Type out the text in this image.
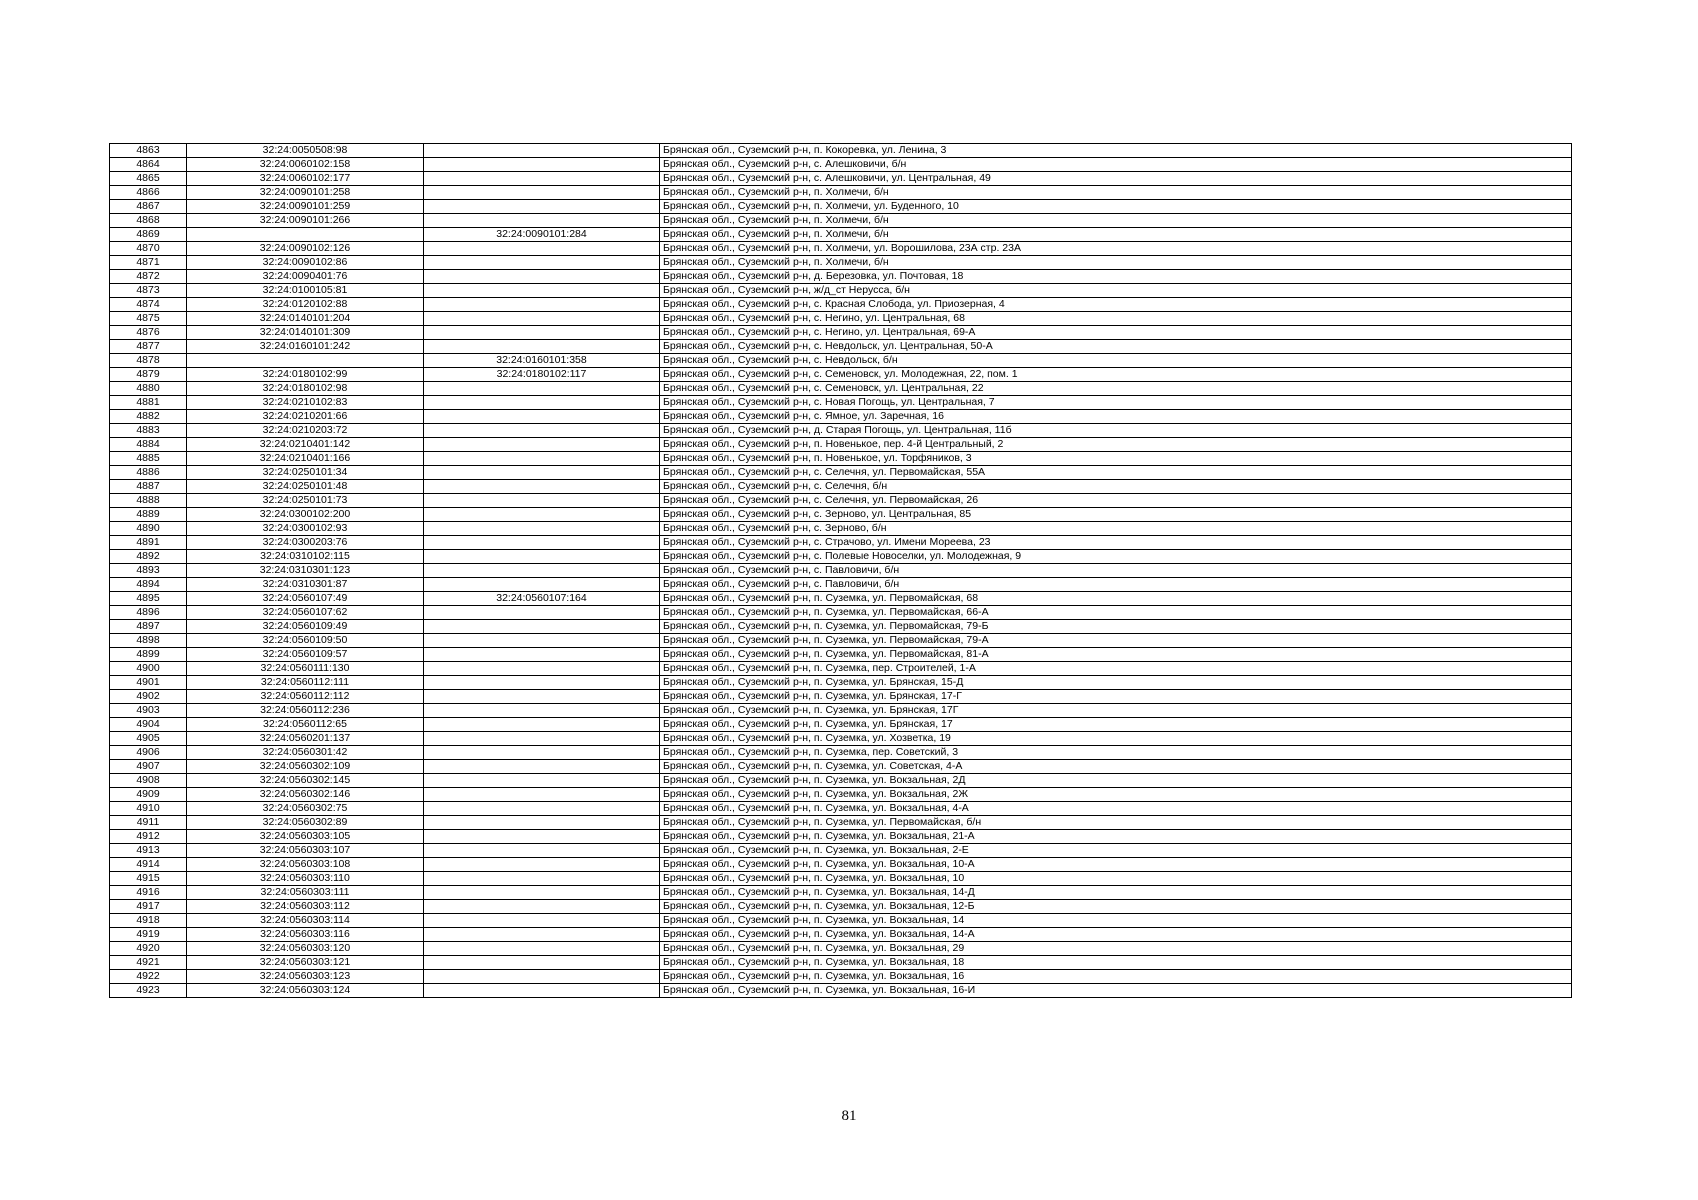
4863	32:24:0050508:98		Брянская обл., Суземский р-н, п. Кокоревка, ул. Ленина, 3
4864	32:24:0060102:158		Брянская обл., Суземский р-н, с. Алешковичи, б/н
4865	32:24:0060102:177		Брянская обл., Суземский р-н, с. Алешковичи, ул. Центральная, 49
4866	32:24:0090101:258		Брянская обл., Суземский р-н, п. Холмечи, б/н
4867	32:24:0090101:259		Брянская обл., Суземский р-н, п. Холмечи, ул. Буденного, 10
4868	32:24:0090101:266		Брянская обл., Суземский р-н, п. Холмечи, б/н
4869		32:24:0090101:284	Брянская обл., Суземский р-н, п. Холмечи, б/н
4870	32:24:0090102:126		Брянская обл., Суземский р-н, п. Холмечи, ул. Ворошилова, 23А стр. 23А
4871	32:24:0090102:86		Брянская обл., Суземский р-н, п. Холмечи, б/н
4872	32:24:0090401:76		Брянская обл., Суземский р-н, д. Березовка, ул. Почтовая, 18
4873	32:24:0100105:81		Брянская обл., Суземский р-н, ж/д_ст Нерусса, б/н
4874	32:24:0120102:88		Брянская обл., Суземский р-н, с. Красная Слобода, ул. Приозерная, 4
4875	32:24:0140101:204		Брянская обл., Суземский р-н, с. Негино, ул. Центральная, 68
4876	32:24:0140101:309		Брянская обл., Суземский р-н, с. Негино, ул. Центральная, 69-А
4877	32:24:0160101:242		Брянская обл., Суземский р-н, с. Невдольск, ул. Центральная, 50-А
4878		32:24:0160101:358	Брянская обл., Суземский р-н, с. Невдольск, б/н
4879	32:24:0180102:99	32:24:0180102:117	Брянская обл., Суземский р-н, с. Семеновск, ул. Молодежная, 22, пом. 1
4880	32:24:0180102:98		Брянская обл., Суземский р-н, с. Семеновск, ул. Центральная, 22
4881	32:24:0210102:83		Брянская обл., Суземский р-н, с. Новая Погощь, ул. Центральная, 7
4882	32:24:0210201:66		Брянская обл., Суземский р-н, с. Ямное, ул. Заречная, 16
4883	32:24:0210203:72		Брянская обл., Суземский р-н, д. Старая Погощь, ул. Центральная, 11б
4884	32:24:0210401:142		Брянская обл., Суземский р-н, п. Новенькое, пер. 4-й Центральный, 2
4885	32:24:0210401:166		Брянская обл., Суземский р-н, п. Новенькое, ул. Торфяников, 3
4886	32:24:0250101:34		Брянская обл., Суземский р-н, с. Селечня, ул. Первомайская, 55А
4887	32:24:0250101:48		Брянская обл., Суземский р-н, с. Селечня, б/н
4888	32:24:0250101:73		Брянская обл., Суземский р-н, с. Селечня, ул. Первомайская, 26
4889	32:24:0300102:200		Брянская обл., Суземский р-н, с. Зерново, ул. Центральная, 85
4890	32:24:0300102:93		Брянская обл., Суземский р-н, с. Зерново, б/н
4891	32:24:0300203:76		Брянская обл., Суземский р-н, с. Страчово, ул. Имени Мореева, 23
4892	32:24:0310102:115		Брянская обл., Суземский р-н, с. Полевые Новоселки, ул. Молодежная, 9
4893	32:24:0310301:123		Брянская обл., Суземский р-н, с. Павловичи, б/н
4894	32:24:0310301:87		Брянская обл., Суземский р-н, с. Павловичи, б/н
4895	32:24:0560107:49	32:24:0560107:164	Брянская обл., Суземский р-н, п. Суземка, ул. Первомайская, 68
4896	32:24:0560107:62		Брянская обл., Суземский р-н, п. Суземка, ул. Первомайская, 66-А
4897	32:24:0560109:49		Брянская обл., Суземский р-н, п. Суземка, ул. Первомайская, 79-Б
4898	32:24:0560109:50		Брянская обл., Суземский р-н, п. Суземка, ул. Первомайская, 79-А
4899	32:24:0560109:57		Брянская обл., Суземский р-н, п. Суземка, ул. Первомайская, 81-А
4900	32:24:0560111:130		Брянская обл., Суземский р-н, п. Суземка, пер. Строителей, 1-А
4901	32:24:0560112:111		Брянская обл., Суземский р-н, п. Суземка, ул. Брянская, 15-Д
4902	32:24:0560112:112		Брянская обл., Суземский р-н, п. Суземка, ул. Брянская, 17-Г
4903	32:24:0560112:236		Брянская обл., Суземский р-н, п. Суземка, ул. Брянская, 17Г
4904	32:24:0560112:65		Брянская обл., Суземский р-н, п. Суземка, ул. Брянская, 17
4905	32:24:0560201:137		Брянская обл., Суземский р-н, п. Суземка, ул. Хозветка, 19
4906	32:24:0560301:42		Брянская обл., Суземский р-н, п. Суземка, пер. Советский, 3
4907	32:24:0560302:109		Брянская обл., Суземский р-н, п. Суземка, ул. Советская, 4-А
4908	32:24:0560302:145		Брянская обл., Суземский р-н, п. Суземка, ул. Вокзальная, 2Д
4909	32:24:0560302:146		Брянская обл., Суземский р-н, п. Суземка, ул. Вокзальная, 2Ж
4910	32:24:0560302:75		Брянская обл., Суземский р-н, п. Суземка, ул. Вокзальная, 4-А
4911	32:24:0560302:89		Брянская обл., Суземский р-н, п. Суземка, ул. Первомайская, б/н
4912	32:24:0560303:105		Брянская обл., Суземский р-н, п. Суземка, ул. Вокзальная, 21-А
4913	32:24:0560303:107		Брянская обл., Суземский р-н, п. Суземка, ул. Вокзальная, 2-Е
4914	32:24:0560303:108		Брянская обл., Суземский р-н, п. Суземка, ул. Вокзальная, 10-А
4915	32:24:0560303:110		Брянская обл., Суземский р-н, п. Суземка, ул. Вокзальная, 10
4916	32:24:0560303:111		Брянская обл., Суземский р-н, п. Суземка, ул. Вокзальная, 14-Д
4917	32:24:0560303:112		Брянская обл., Суземский р-н, п. Суземка, ул. Вокзальная, 12-Б
4918	32:24:0560303:114		Брянская обл., Суземский р-н, п. Суземка, ул. Вокзальная, 14
4919	32:24:0560303:116		Брянская обл., Суземский р-н, п. Суземка, ул. Вокзальная, 14-А
4920	32:24:0560303:120		Брянская обл., Суземский р-н, п. Суземка, ул. Вокзальная, 29
4921	32:24:0560303:121		Брянская обл., Суземский р-н, п. Суземка, ул. Вокзальная, 18
4922	32:24:0560303:123		Брянская обл., Суземский р-н, п. Суземка, ул. Вокзальная, 16
4923	32:24:0560303:124		Брянская обл., Суземский р-н, п. Суземка, ул. Вокзальная, 16-И
81
